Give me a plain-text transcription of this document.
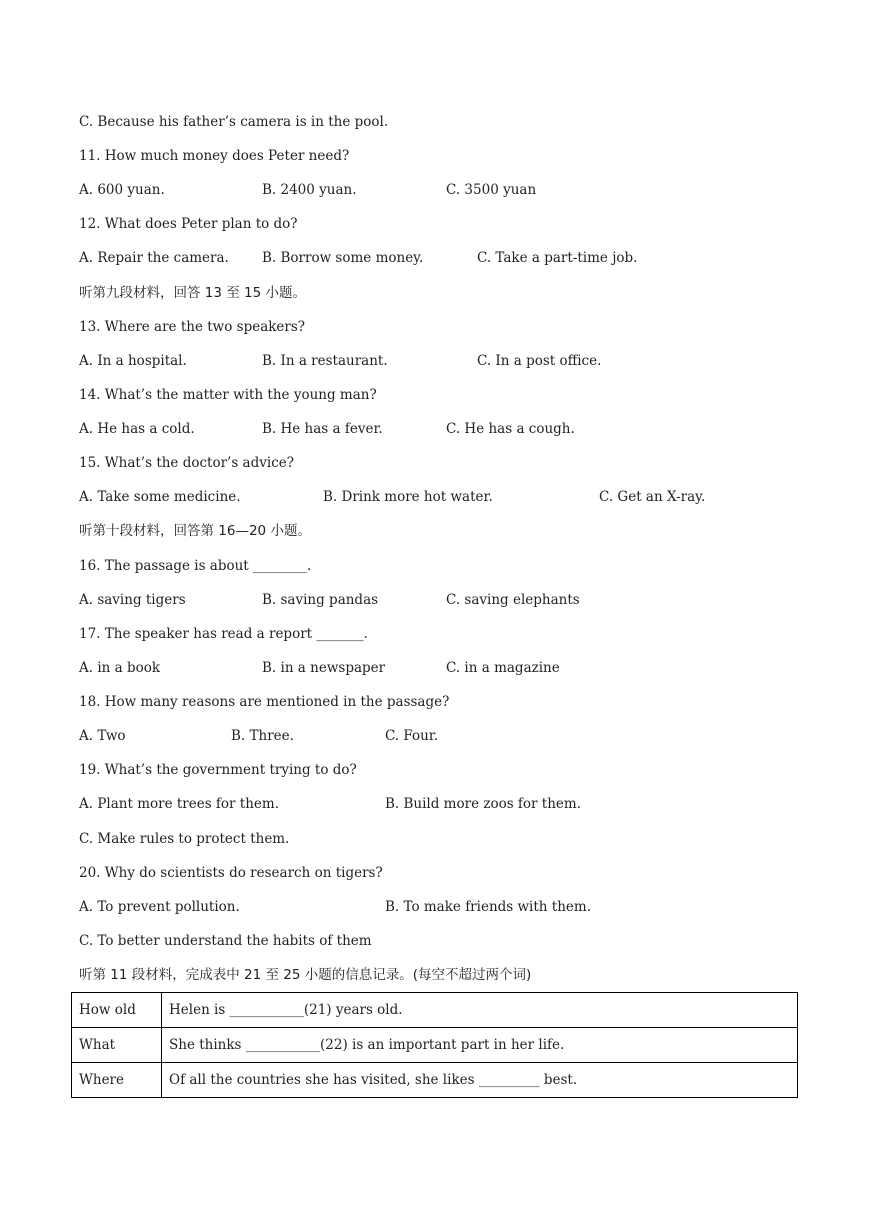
C. Because his father’s camera is in the pool.
11. How much money does Peter need?
A. 600 yuan.	B. 2400 yuan.	C. 3500 yuan
12. What does Peter plan to do?
A. Repair the camera. B. Borrow some money.	C. Take a part-time job.
听第九段材料，回答 13 至 15 小题。
13. Where are the two speakers?
A. In a hospital.	B. In a restaurant.	C. In a post office.
14. What’s the matter with the young man?
A. He has a cold.	B. He has a fever.	C. He has a cough.
15. What’s the doctor’s advice?
A. Take some medicine.	B. Drink more hot water.	C. Get an X-ray.
听第十段材料，回答第 16—20 小题。
16. The passage is about ________.
A. saving tigers	B. saving pandas	C. saving elephants
17. The speaker has read a report _______.
A. in a book	B. in a newspaper	C. in a magazine
18. How many reasons are mentioned in the passage?
A. Two	B. Three.	C. Four.
19. What’s the government trying to do?
A. Plant more trees for them.	B. Build more zoos for them.
C. Make rules to protect them.
20. Why do scientists do research on tigers?
A. To prevent pollution.	B. To make friends with them.
C. To better understand the habits of them
听第 11 段材料，完成表中 21 至 25 小题的信息记录。(每空不超过两个词)
How old	Helen is ___________(21) years old.
What	She thinks ___________(22) is an important part in her life.
Where	Of all the countries she has visited, she likes _________ best.
